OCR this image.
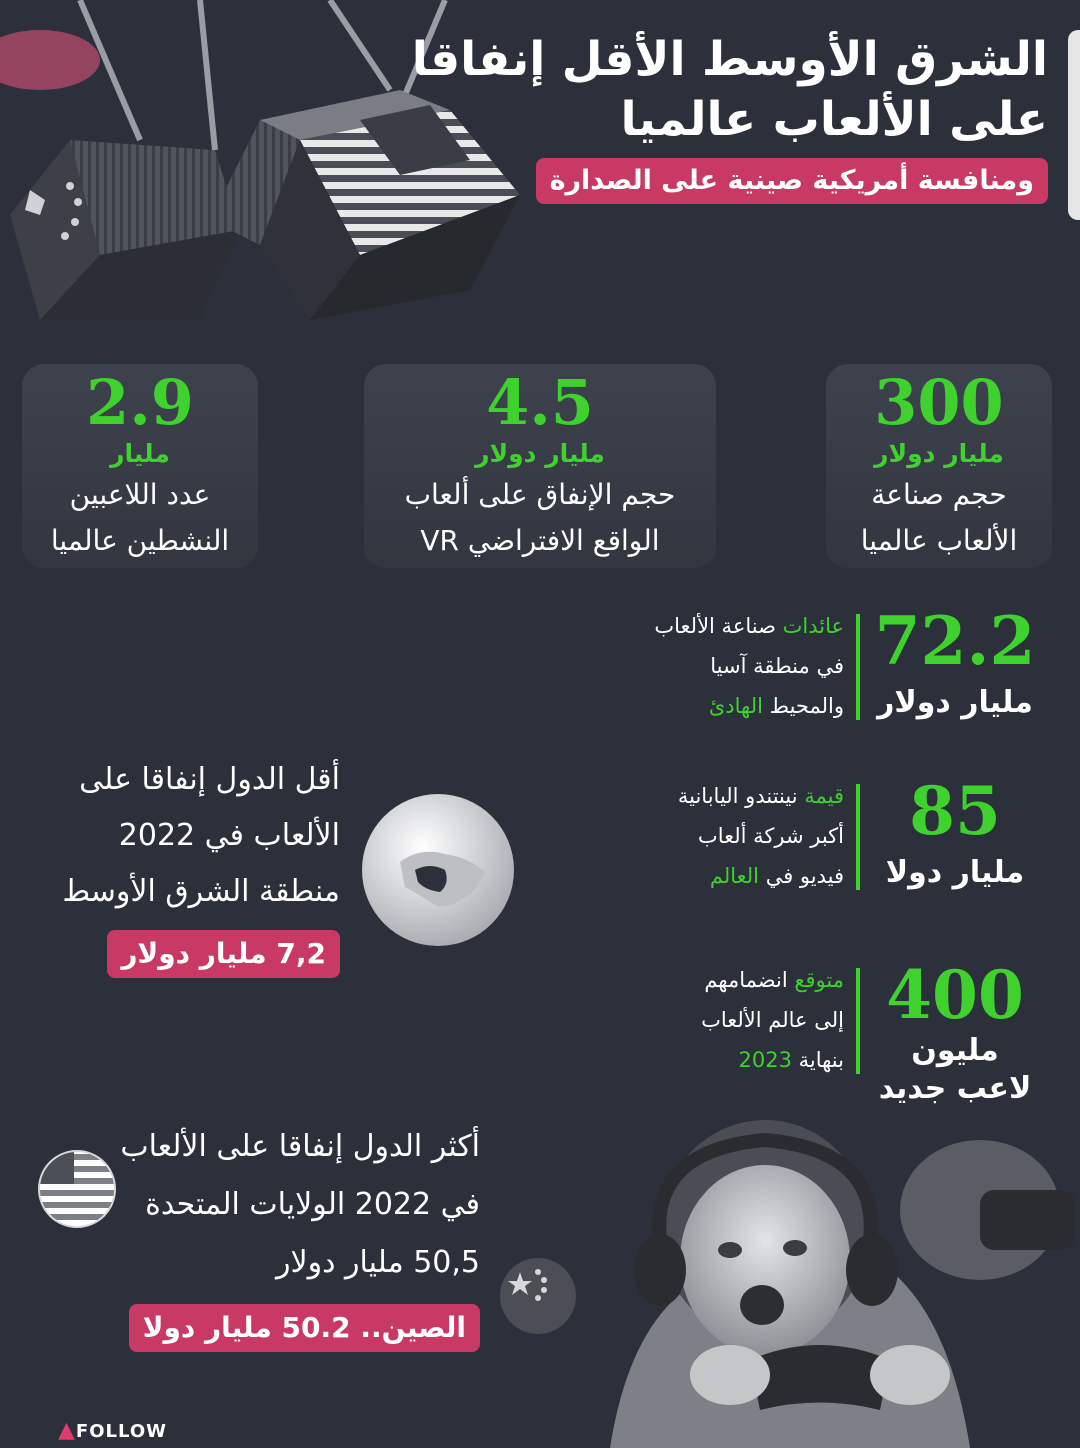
الشرق الأوسط الأقل إنفاقا
على الألعاب عالميا
ومنافسة أمريكية صينية على الصدارة
300
مليار دولار
حجم صناعة
الألعاب عالميا
4.5
مليار دولار
حجم الإنفاق على ألعاب
الواقع الافتراضي VR
2.9
مليار
عدد اللاعبين
النشطين عالميا
72.2
مليار دولار
عائدات صناعة الألعاب
في منطقة آسيا
والمحيط الهادئ
85
مليار دولا
قيمة نينتندو اليابانية
أكبر شركة ألعاب
فيديو في العالم
400
مليون
لاعب جديد
متوقع انضمامهم
إلى عالم الألعاب
بنهاية 2023
أقل الدول إنفاقا على
الألعاب في 2022
منطقة الشرق الأوسط
7,2 مليار دولار
أكثر الدول إنفاقا على الألعاب
في 2022 الولايات المتحدة
50,5 مليار دولار
الصين.. 50.2 مليار دولا
▲FOLLOW
